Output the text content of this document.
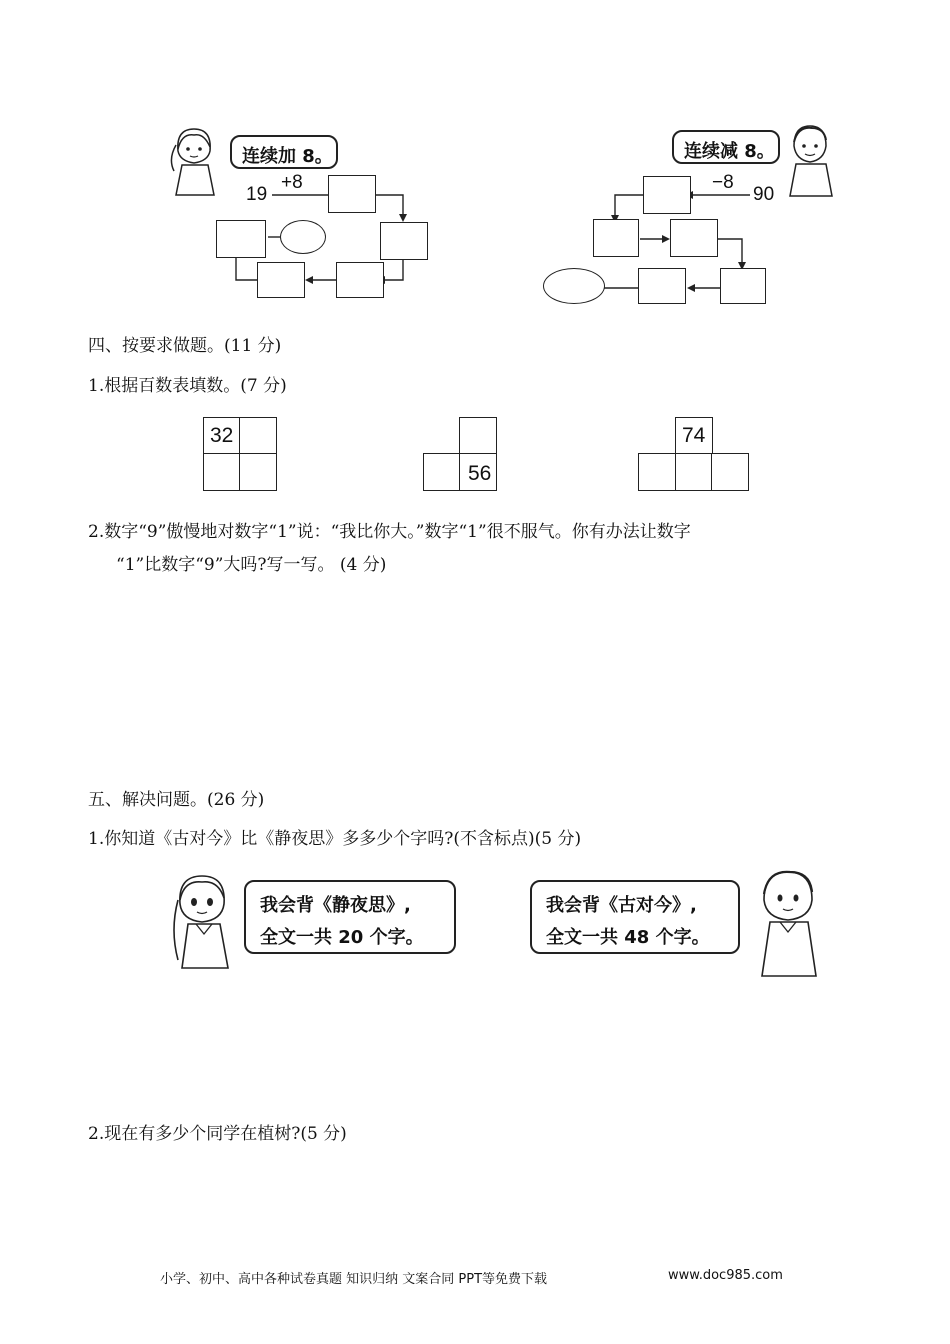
连续加 8。
19
+8
连续减 8。
90
−8
四、按要求做题。(11 分)
1.根据百数表填数。(7 分)
32
56
74
2.数字“9”傲慢地对数字“1”说：“我比你大。”数字“1”很不服气。你有办法让数字
“1”比数字“9”大吗?写一写。 (4 分)
五、解决问题。(26 分)
1.你知道《古对今》比《静夜思》多多少个字吗?(不含标点)(5 分)
我会背《静夜思》,
全文一共 20 个字。
我会背《古对今》,
全文一共 48 个字。
2.现在有多少个同学在植树?(5 分)
小学、初中、高中各种试卷真题 知识归纳 文案合同 PPT等免费下载	www.doc985.com
